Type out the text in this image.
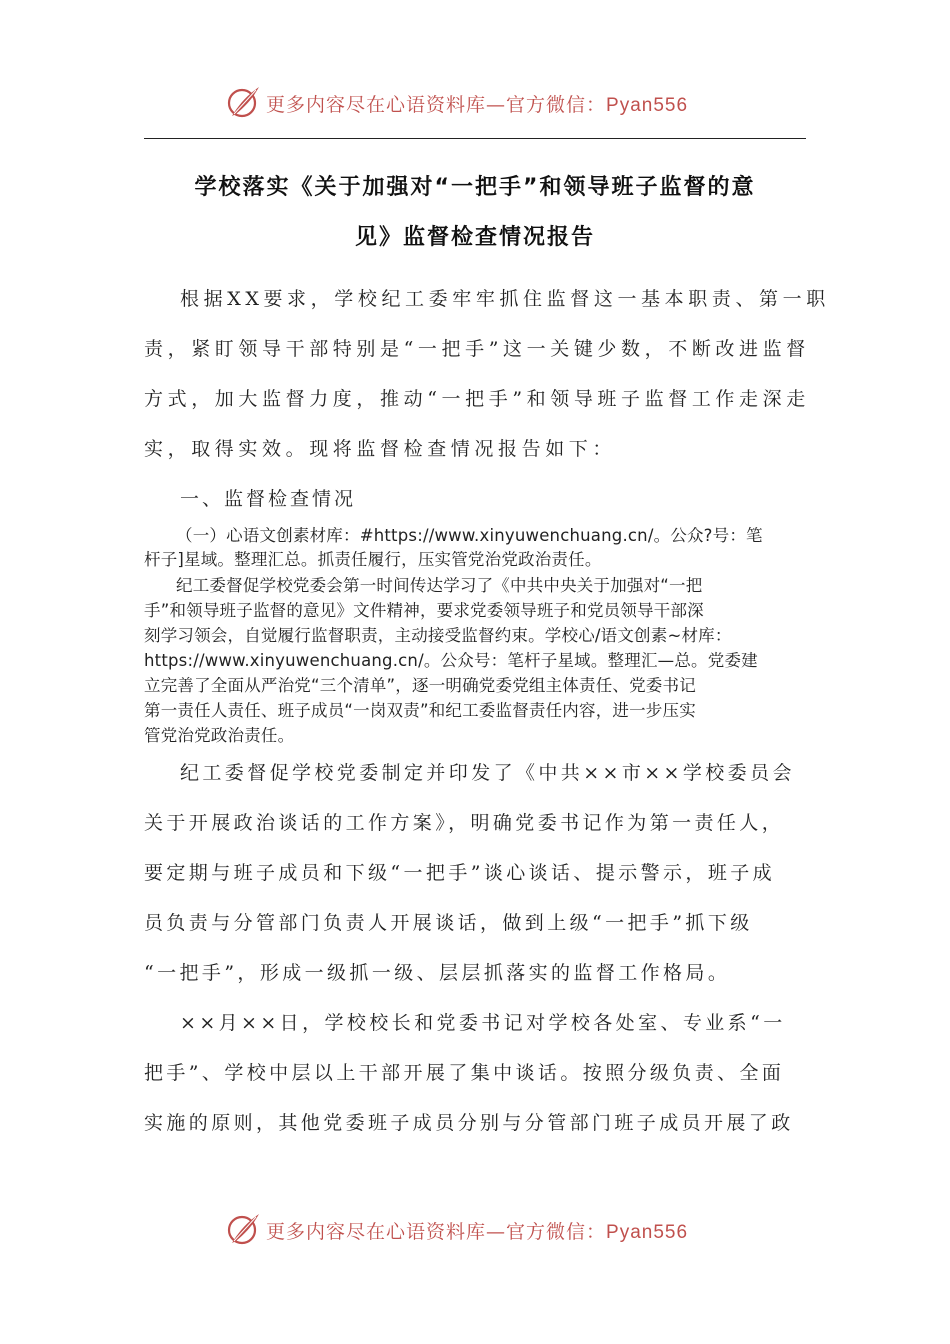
更多内容尽在心语资料库—官方微信：Pyan556
学校落实《关于加强对“一把手”和领导班子监督的意
见》监督检查情况报告
根据XX要求，学校纪工委牢牢抓住监督这一基本职责、第一职
责，紧盯领导干部特别是“一把手”这一关键少数，不断改进监督
方式，加大监督力度，推动“一把手”和领导班子监督工作走深走
实，取得实效。现将监督检查情况报告如下：
一、监督检查情况
（一）心语文创素材库：#https://www.xinyuwenchuang.cn/。公众?号：笔
杆子]星域。整理汇总。抓责任履行，压实管党治党政治责任。
纪工委督促学校党委会第一时间传达学习了《中共中央关于加强对“一把
手”和领导班子监督的意见》文件精神，要求党委领导班子和党员领导干部深
刻学习领会，自觉履行监督职责，主动接受监督约束。学校心/语文创素~材库：
https://www.xinyuwenchuang.cn/。公众号：笔杆子星域。整理汇—总。党委建
立完善了全面从严治党“三个清单”，逐一明确党委党组主体责任、党委书记
第一责任人责任、班子成员“一岗双责”和纪工委监督责任内容，进一步压实
管党治党政治责任。
纪工委督促学校党委制定并印发了《中共××市××学校委员会
关于开展政治谈话的工作方案》，明确党委书记作为第一责任人，
要定期与班子成员和下级“一把手”谈心谈话、提示警示，班子成
员负责与分管部门负责人开展谈话，做到上级“一把手”抓下级
“一把手”，形成一级抓一级、层层抓落实的监督工作格局。
××月××日，学校校长和党委书记对学校各处室、专业系“一
把手”、学校中层以上干部开展了集中谈话。按照分级负责、全面
实施的原则，其他党委班子成员分别与分管部门班子成员开展了政
更多内容尽在心语资料库—官方微信：Pyan556
